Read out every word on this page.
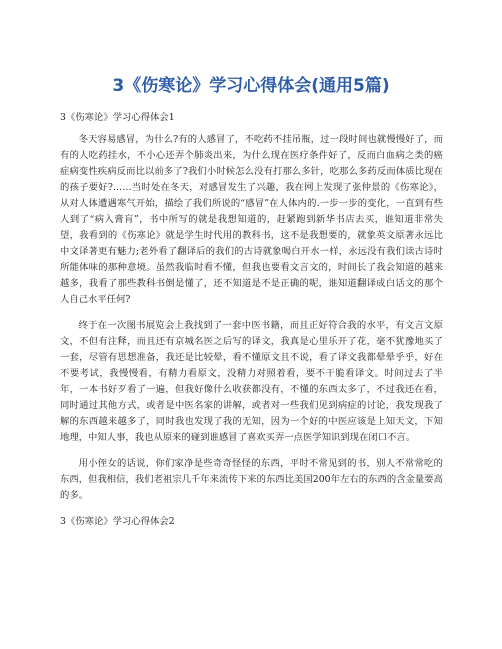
3《伤寒论》学习心得体会(通用5篇)
3《伤寒论》学习心得体会1

冬天容易感冒，为什么?有的人感冒了，不吃药不挂吊瓶，过一段时间也就慢慢好了，而有的人吃药挂水，不小心还弄个肺炎出来，为什么现在医疗条件好了，反而白血病之类的癌症病变性疾病反而比以前多了?我们小时候怎么没有打那么多针，吃那么多药反而体质比现在的孩子要好?……当时处在冬天，对感冒发生了兴趣，我在网上发现了张仲景的《伤寒论》，从对人体遭遇寒气开始，描绘了我们所说的“感冒”在人体内的.一步一步的变化，一直到有些人到了“病入膏肓”，书中所写的就是我想知道的，赶紧跑到新华书店去买，谁知道非常失望，我看到的《伤寒论》就是学生时代用的教科书，这不是我想要的，就象英文原著永远比中文译著更有魅力;老外看了翻译后的我们的古诗就象喝白开水一样，永远没有我们读古诗时所能体味的那种意境。虽然我临时看不懂，但我也要看文言文的，时间长了我会知道的越来越多，我看了那些教科书倒是懂了，还不知道是不是正确的呢，谁知道翻译成白话文的那个人自己水平任何?

终于在一次图书展览会上我找到了一套中医书籍，而且正好符合我的水平，有文言文原文，不但有注释，而且还有京城名医之后写的译文，我真是心里乐开了花，毫不犹豫地买了一套，尽管有思想准备，我还是比较晕，看不懂原文且不说，看了译文我都晕晕乎乎，好在不要考试，我慢慢看，有精力看原文，没精力对照着看，要不干脆看译文。时间过去了半年，一本书好歹看了一遍，但我好像什么收获都没有，不懂的东西太多了，不过我还在看，同时通过其他方式，或者是中医名家的讲解，或者对一些我们见到病症的讨论，我发现我了解的东西越来越多了，同时我也发现了我的无知，因为一个好的中医应该是上知天文，下知地理，中知人事，我也从原来的碰到谁感冒了喜欢买弄一点医学知识到现在闭口不言。

用小侄女的话说，你们家净是些奇奇怪怪的东西，平时不常见到的书，别人不常常吃的东西，但我相信，我们老祖宗几千年来流传下来的东西比美国200年左右的东西的含金量要高的多。

3《伤寒论》学习心得体会2
